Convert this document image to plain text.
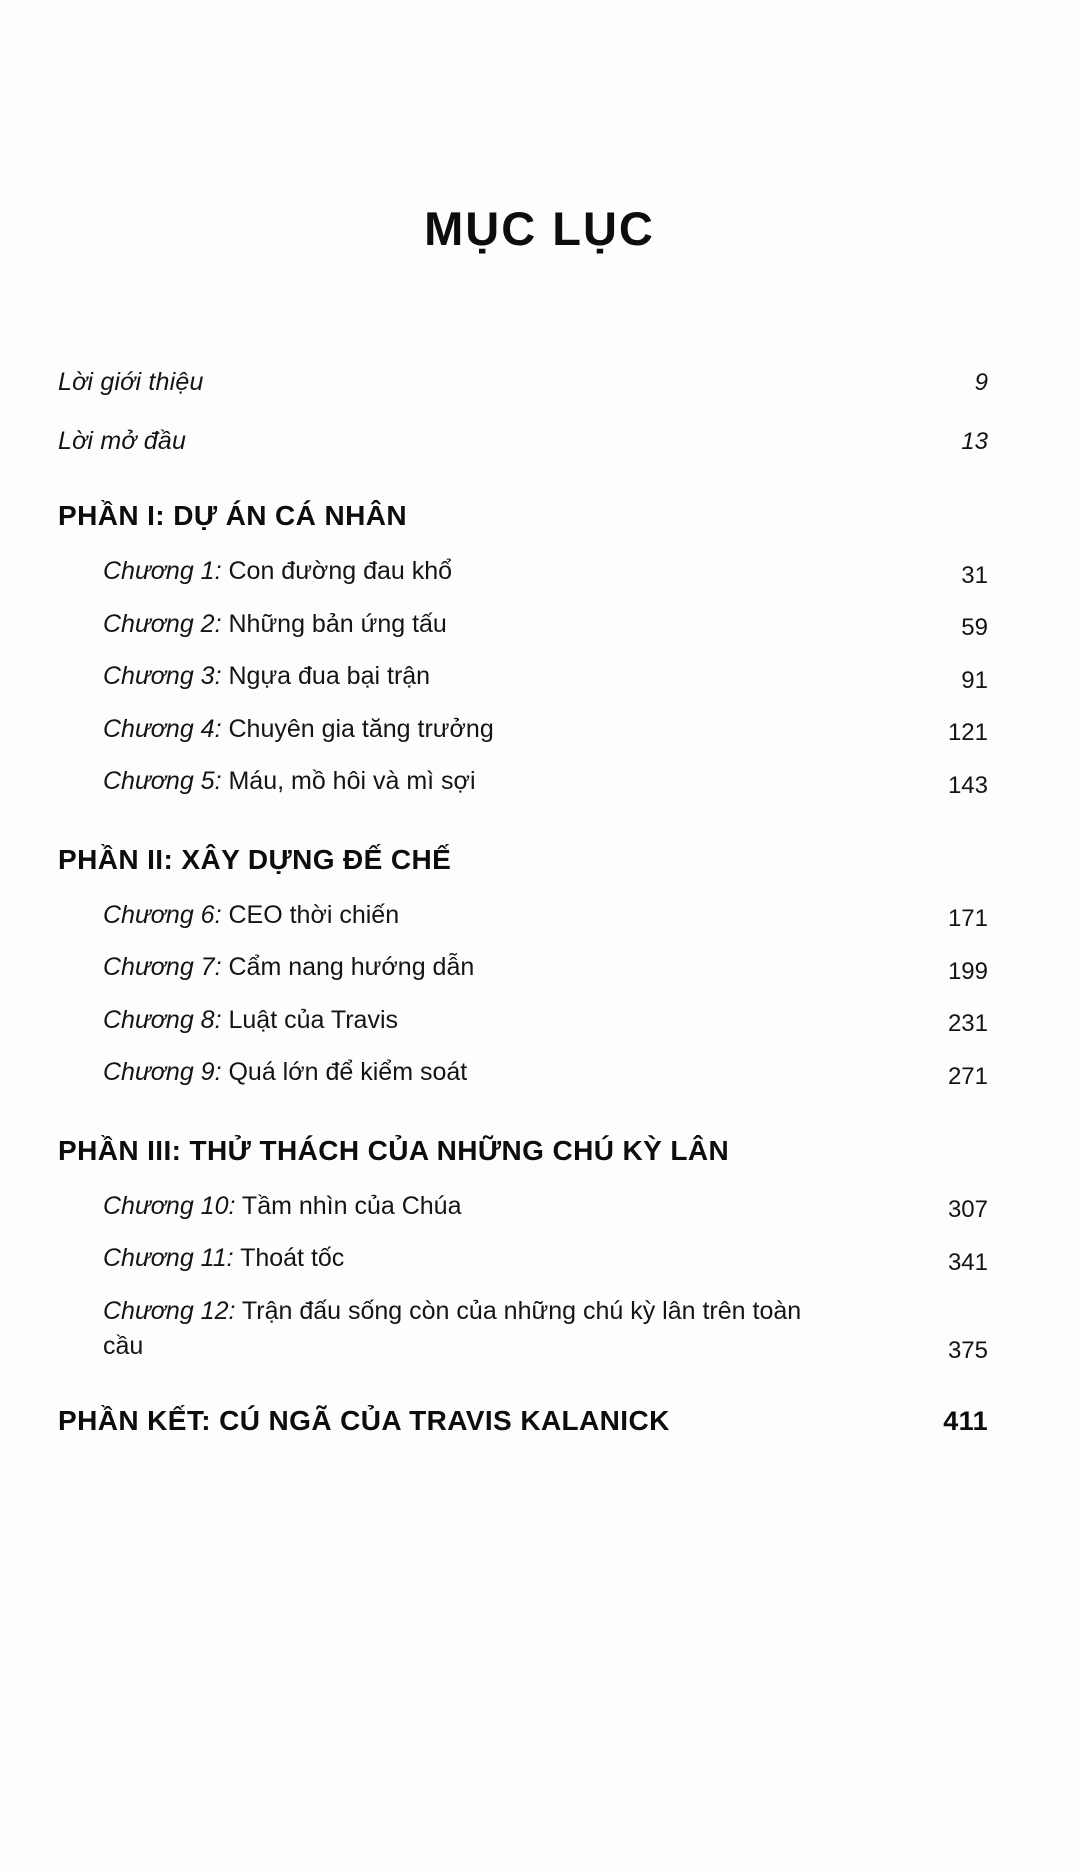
MỤC LỤC
Lời giới thiệu	9
Lời mở đầu	13
PHẦN I: DỰ ÁN CÁ NHÂN
Chương 1: Con đường đau khổ	31
Chương 2: Những bản ứng tấu	59
Chương 3: Ngựa đua bại trận	91
Chương 4: Chuyên gia tăng trưởng	121
Chương 5: Máu, mồ hôi và mì sợi	143
PHẦN II: XÂY DỰNG ĐẾ CHẾ
Chương 6: CEO thời chiến	171
Chương 7: Cẩm nang hướng dẫn	199
Chương 8: Luật của Travis	231
Chương 9: Quá lớn để kiểm soát	271
PHẦN III: THỬ THÁCH CỦA NHỮNG CHÚ KỲ LÂN
Chương 10: Tầm nhìn của Chúa	307
Chương 11: Thoát tốc	341
Chương 12: Trận đấu sống còn của những chú kỳ lân trên toàn cầu	375
PHẦN KẾT: CÚ NGÃ CỦA TRAVIS KALANICK	411
